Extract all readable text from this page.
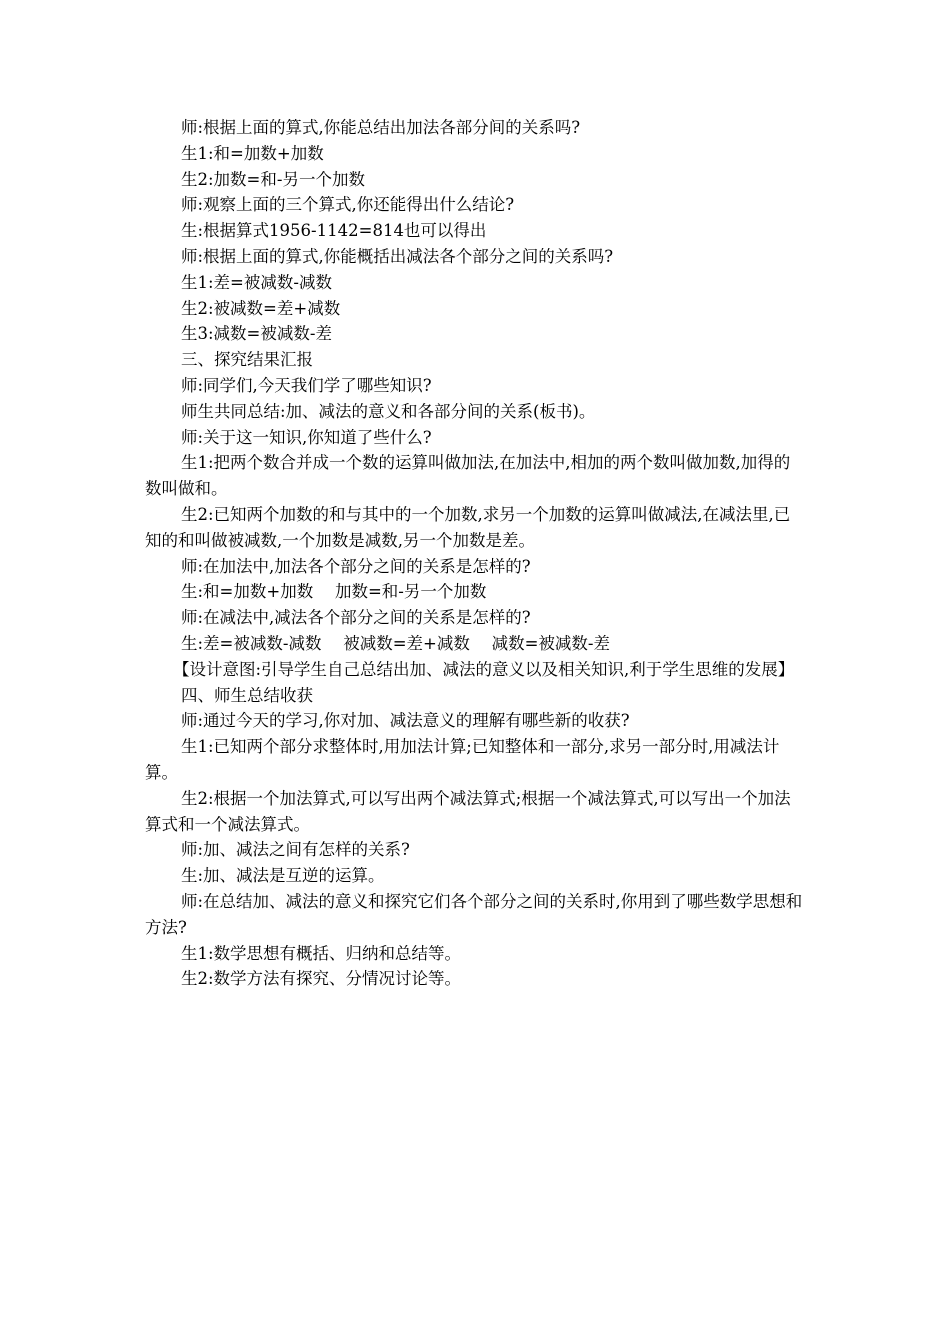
师:根据上面的算式,你能总结出加法各部分间的关系吗?

生1:和=加数+加数

生2:加数=和-另一个加数

师:观察上面的三个算式,你还能得出什么结论?

生:根据算式1956-1142=814也可以得出

师:根据上面的算式,你能概括出减法各个部分之间的关系吗?

生1:差=被减数-减数

生2:被减数=差+减数

生3:减数=被减数-差

三、探究结果汇报

师:同学们,今天我们学了哪些知识?

师生共同总结:加、减法的意义和各部分间的关系(板书)。

师:关于这一知识,你知道了些什么?

生1:把两个数合并成一个数的运算叫做加法,在加法中,相加的两个数叫做加数,加得的数叫做和。

生2:已知两个加数的和与其中的一个加数,求另一个加数的运算叫做减法,在减法里,已知的和叫做被减数,一个加数是减数,另一个加数是差。

师:在加法中,加法各个部分之间的关系是怎样的?

生:和=加数+加数　 加数=和-另一个加数

师:在减法中,减法各个部分之间的关系是怎样的?

生:差=被减数-减数　 被减数=差+减数　 减数=被减数-差

【设计意图:引导学生自己总结出加、减法的意义以及相关知识,利于学生思维的发展】

四、师生总结收获

师:通过今天的学习,你对加、减法意义的理解有哪些新的收获?

生1:已知两个部分求整体时,用加法计算;已知整体和一部分,求另一部分时,用减法计算。

生2:根据一个加法算式,可以写出两个减法算式;根据一个减法算式,可以写出一个加法算式和一个减法算式。

师:加、减法之间有怎样的关系?

生:加、减法是互逆的运算。

师:在总结加、减法的意义和探究它们各个部分之间的关系时,你用到了哪些数学思想和方法?

生1:数学思想有概括、归纳和总结等。

生2:数学方法有探究、分情况讨论等。
